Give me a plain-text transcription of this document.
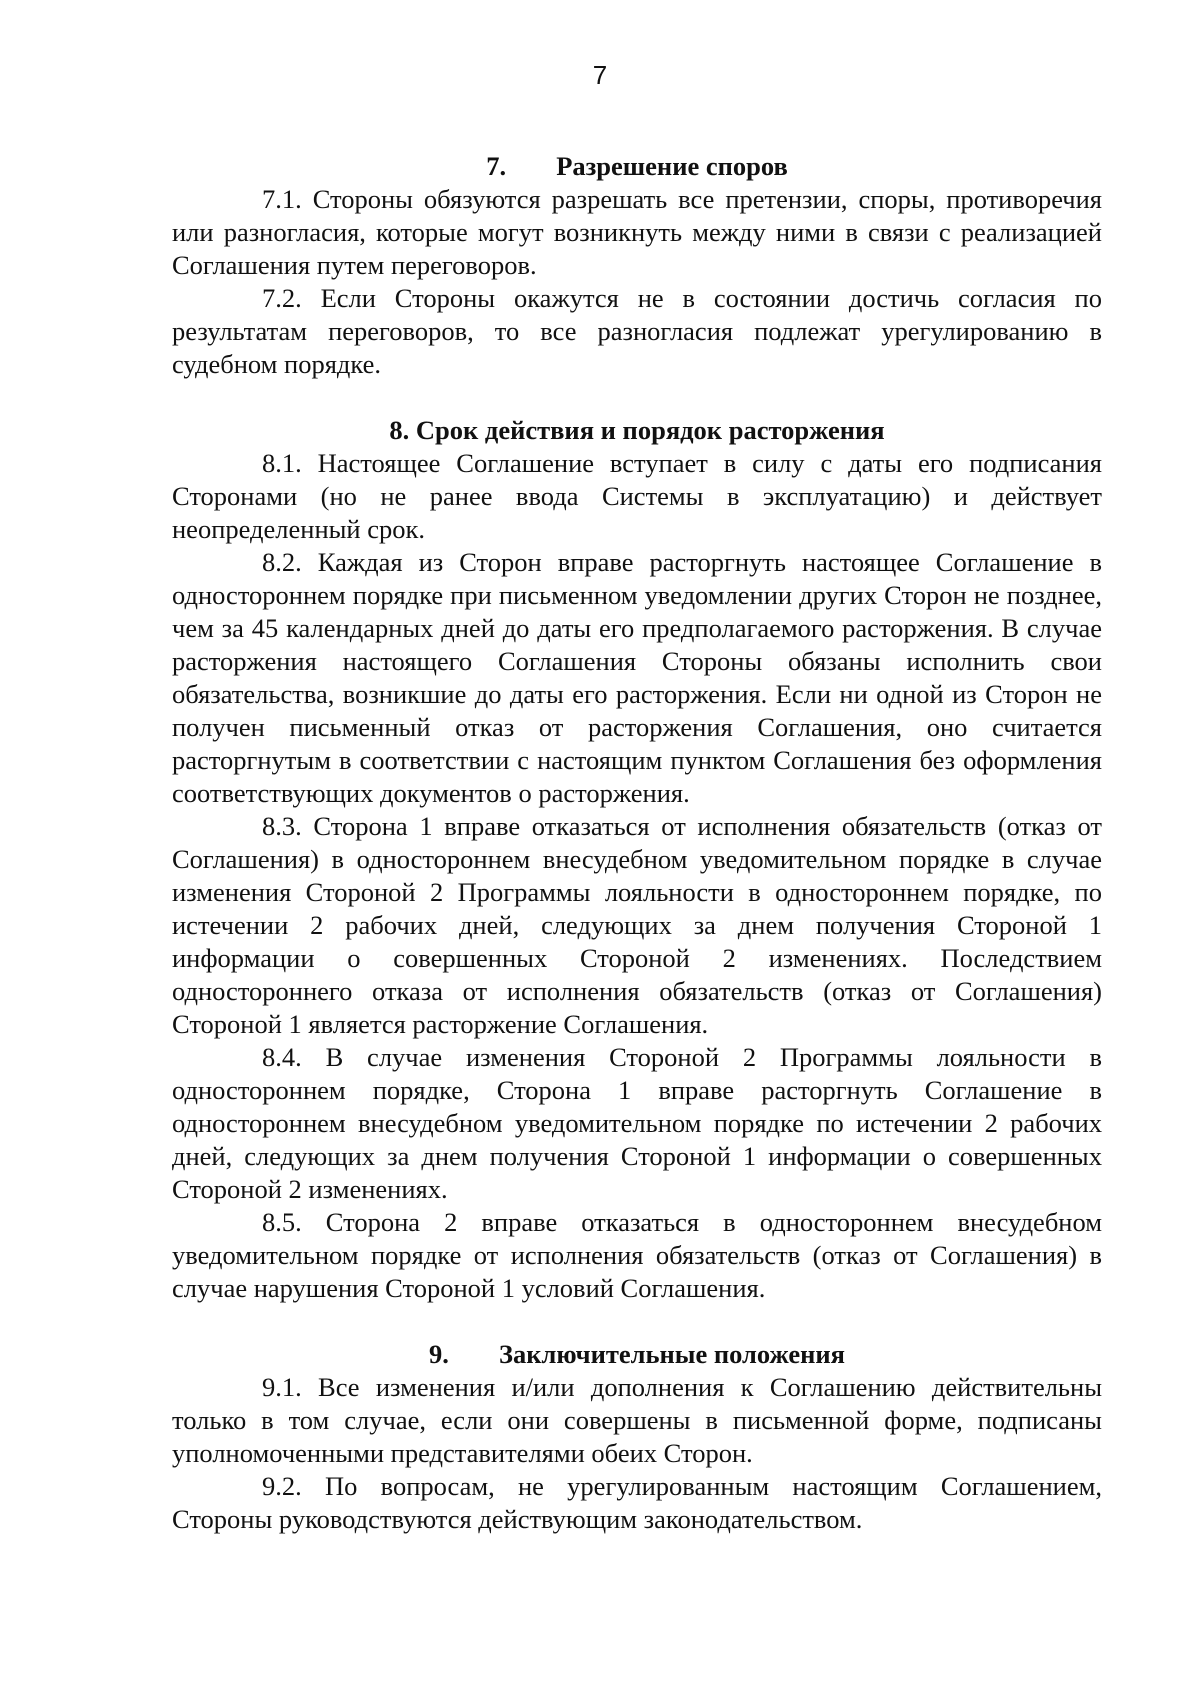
7

7. Разрешение споров

7.1. Стороны обязуются разрешать все претензии, споры, противоречия или разногласия, которые могут возникнуть между ними в связи с реализацией Соглашения путем переговоров.

7.2. Если Стороны окажутся не в состоянии достичь согласия по результатам переговоров, то все разногласия подлежат урегулированию в судебном порядке.

8. Срок действия и порядок расторжения

8.1. Настоящее Соглашение вступает в силу с даты его подписания Сторонами (но не ранее ввода Системы в эксплуатацию) и действует неопределенный срок.

8.2. Каждая из Сторон вправе расторгнуть настоящее Соглашение в одностороннем порядке при письменном уведомлении других Сторон не позднее, чем за 45 календарных дней до даты его предполагаемого расторжения. В случае расторжения настоящего Соглашения Стороны обязаны исполнить свои обязательства, возникшие до даты его расторжения. Если ни одной из Сторон не получен письменный отказ от расторжения Соглашения, оно считается расторгнутым в соответствии с настоящим пунктом Соглашения без оформления соответствующих документов о расторжения.

8.3. Сторона 1 вправе отказаться от исполнения обязательств (отказ от Соглашения) в одностороннем внесудебном уведомительном порядке в случае изменения Стороной 2 Программы лояльности в одностороннем порядке, по истечении 2 рабочих дней, следующих за днем получения Стороной 1 информации о совершенных Стороной 2 изменениях. Последствием одностороннего отказа от исполнения обязательств (отказ от Соглашения) Стороной 1 является расторжение Соглашения.

8.4. В случае изменения Стороной 2 Программы лояльности в одностороннем порядке, Сторона 1 вправе расторгнуть Соглашение в одностороннем внесудебном уведомительном порядке по истечении 2 рабочих дней, следующих за днем получения Стороной 1 информации о совершенных Стороной 2 изменениях.

8.5. Сторона 2 вправе отказаться в одностороннем внесудебном уведомительном порядке от исполнения обязательств (отказ от Соглашения) в случае нарушения Стороной 1 условий Соглашения.

9. Заключительные положения

9.1. Все изменения и/или дополнения к Соглашению действительны только в том случае, если они совершены в письменной форме, подписаны уполномоченными представителями обеих Сторон.

9.2. По вопросам, не урегулированным настоящим Соглашением, Стороны руководствуются действующим законодательством.
